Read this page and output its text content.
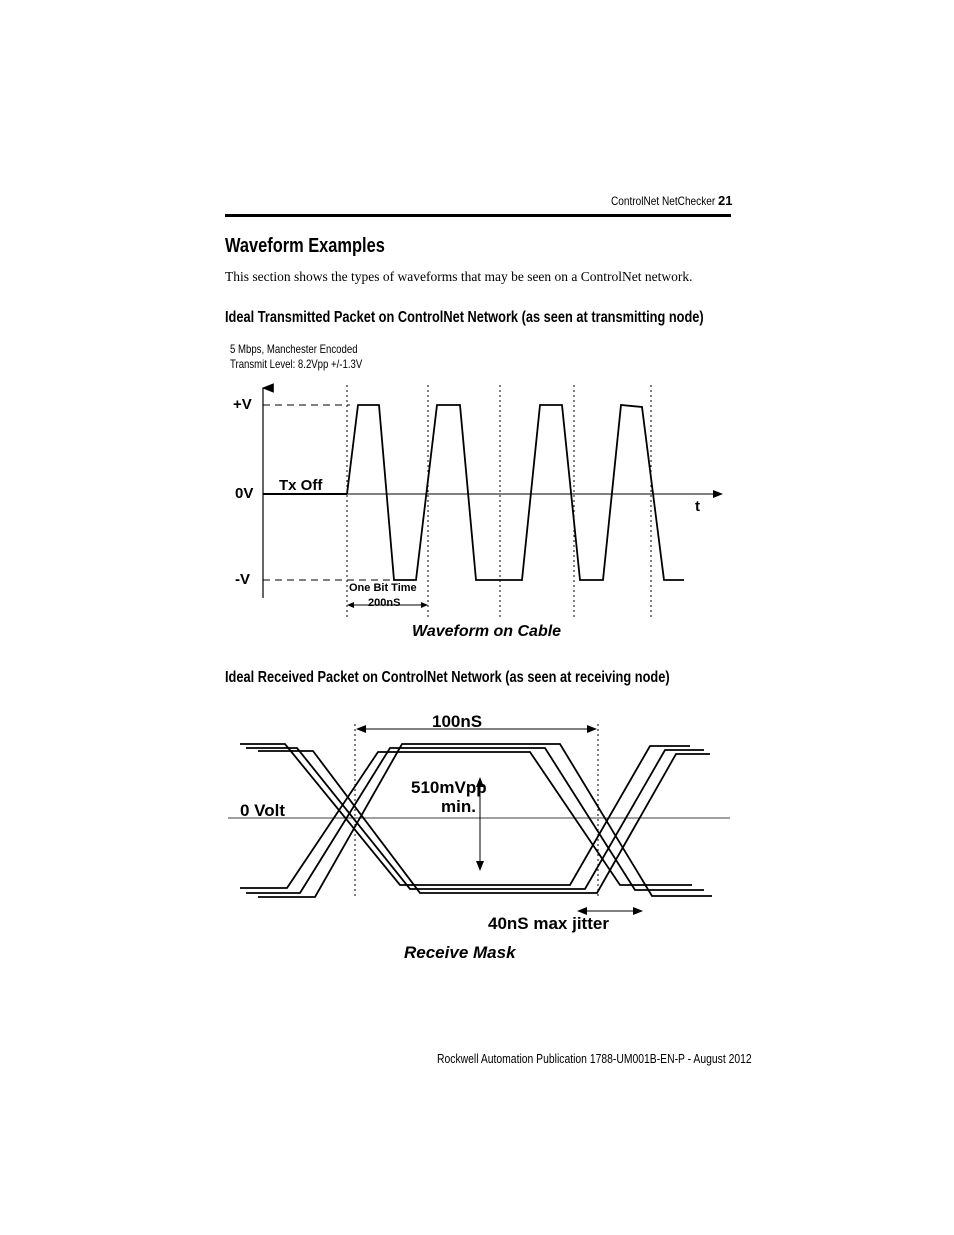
ControlNet NetChecker 21
Waveform Examples
This section shows the types of waveforms that may be seen on a ControlNet network.
Ideal Transmitted Packet on ControlNet Network (as seen at transmitting node)
5 Mbps, Manchester Encoded
Transmit Level: 8.2Vpp +/-1.3V
+V
0V
-V
Tx Off
t
One Bit Time
200nS
Waveform on Cable
Ideal Received Packet on ControlNet Network (as seen at receiving node)
100nS
510mVpp
min.
0 Volt
40nS max jitter
Receive Mask
Rockwell Automation Publication 1788-UM001B-EN-P - August 2012
